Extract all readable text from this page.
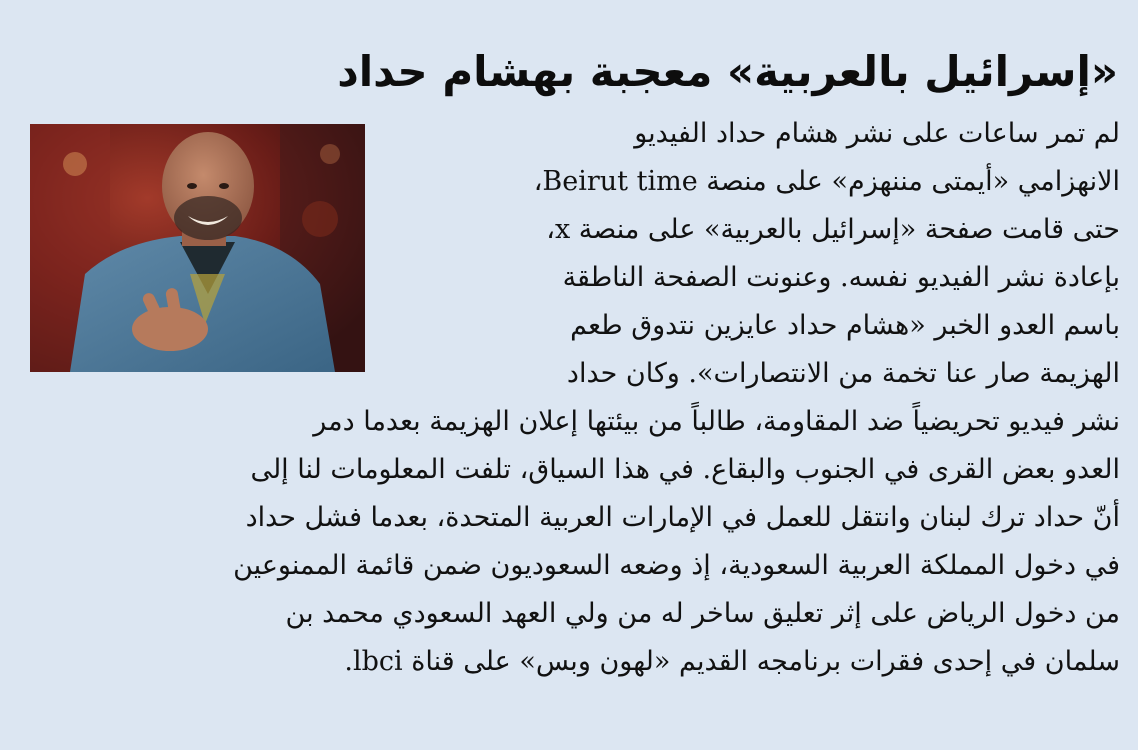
«إسرائيل بالعربية» معجبة بهشام حداد
لم تمر ساعات على نشر هشام حداد الفيديو
الانهزامي «أيمتى مننهزم» على منصة Beirut time،
حتى قامت صفحة «إسرائيل بالعربية» على منصة x،
بإعادة نشر الفيديو نفسه. وعنونت الصفحة الناطقة
باسم العدو الخبر «هشام حداد عايزين نتدوق طعم
الهزيمة صار عنا تخمة من الانتصارات». وكان حداد
نشر فيديو تحريضياً ضد المقاومة، طالباً من بيئتها إعلان الهزيمة بعدما دمر
العدو بعض القرى في الجنوب والبقاع. في هذا السياق، تلفت المعلومات لنا إلى
أنّ حداد ترك لبنان وانتقل للعمل في الإمارات العربية المتحدة، بعدما فشل حداد
في دخول المملكة العربية السعودية، إذ وضعه السعوديون ضمن قائمة الممنوعين
من دخول الرياض على إثر تعليق ساخر له من ولي العهد السعودي محمد بن
سلمان في إحدى فقرات برنامجه القديم «لهون وبس» على قناة lbci.
